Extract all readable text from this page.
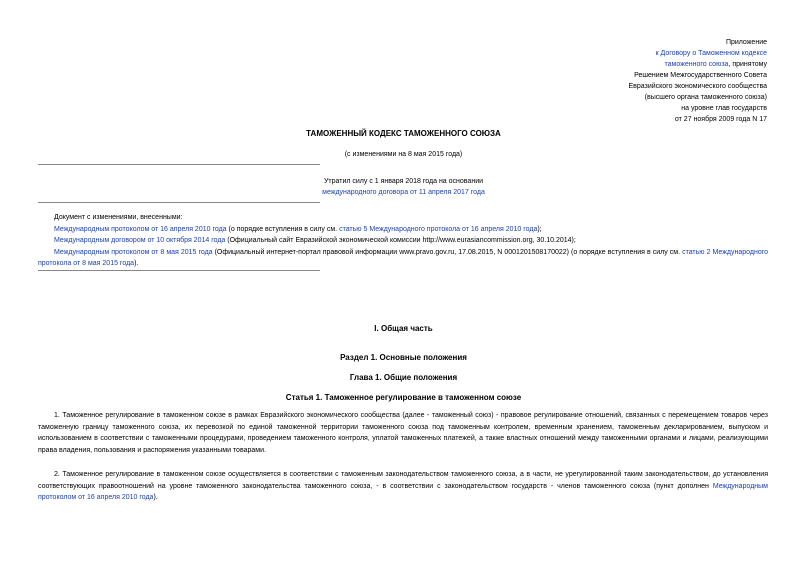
Приложение
к Договору о Таможенном кодексе
таможенного союза, принятому
Решением Межгосударственного Совета
Евразийского экономического сообщества
(высшего органа таможенного союза)
на уровне глав государств
от 27 ноября 2009 года N 17
ТАМОЖЕННЫЙ КОДЕКС ТАМОЖЕННОГО СОЮЗА
(с изменениями на 8 мая 2015 года)
Утратил силу с 1 января 2018 года на основании
международного договора от 11 апреля 2017 года

Документ с изменениями, внесенными:

Международным протоколом от 16 апреля 2010 года (о порядке вступления в силу см. статью 5 Международного протокола от 16 апреля 2010 года);

Международным договором от 10 октября 2014 года (Официальный сайт Евразийской экономической комиссии http://www.eurasiancommission.org, 30.10.2014);

Международным протоколом от 8 мая 2015 года (Официальный интернет-портал правовой информации www.pravo.gov.ru, 17.08.2015, N 0001201508170022) (о порядке вступления в силу см. статью 2 Международного протокола от 8 мая 2015 года).

I. Общая часть
Раздел 1. Основные положения
Глава 1. Общие положения
Статья 1. Таможенное регулирование в таможенном союзе

1. Таможенное регулирование в таможенном союзе в рамках Евразийского экономического сообщества (далее - таможенный союз) - правовое регулирование отношений, связанных с перемещением товаров через таможенную границу таможенного союза, их перевозкой по единой таможенной территории таможенного союза под таможенным контролем, временным хранением, таможенным декларированием, выпуском и использованием в соответствии с таможенными процедурами, проведением таможенного контроля, уплатой таможенных платежей, а также властных отношений между таможенными органами и лицами, реализующими права владения, пользования и распоряжения указанными товарами.

2. Таможенное регулирование в таможенном союзе осуществляется в соответствии с таможенным законодательством таможенного союза, а в части, не урегулированной таким законодательством, до установления соответствующих правоотношений на уровне таможенного законодательства таможенного союза, - в соответствии с законодательством государств - членов таможенного союза (пункт дополнен Международным протоколом от 16 апреля 2010 года).
